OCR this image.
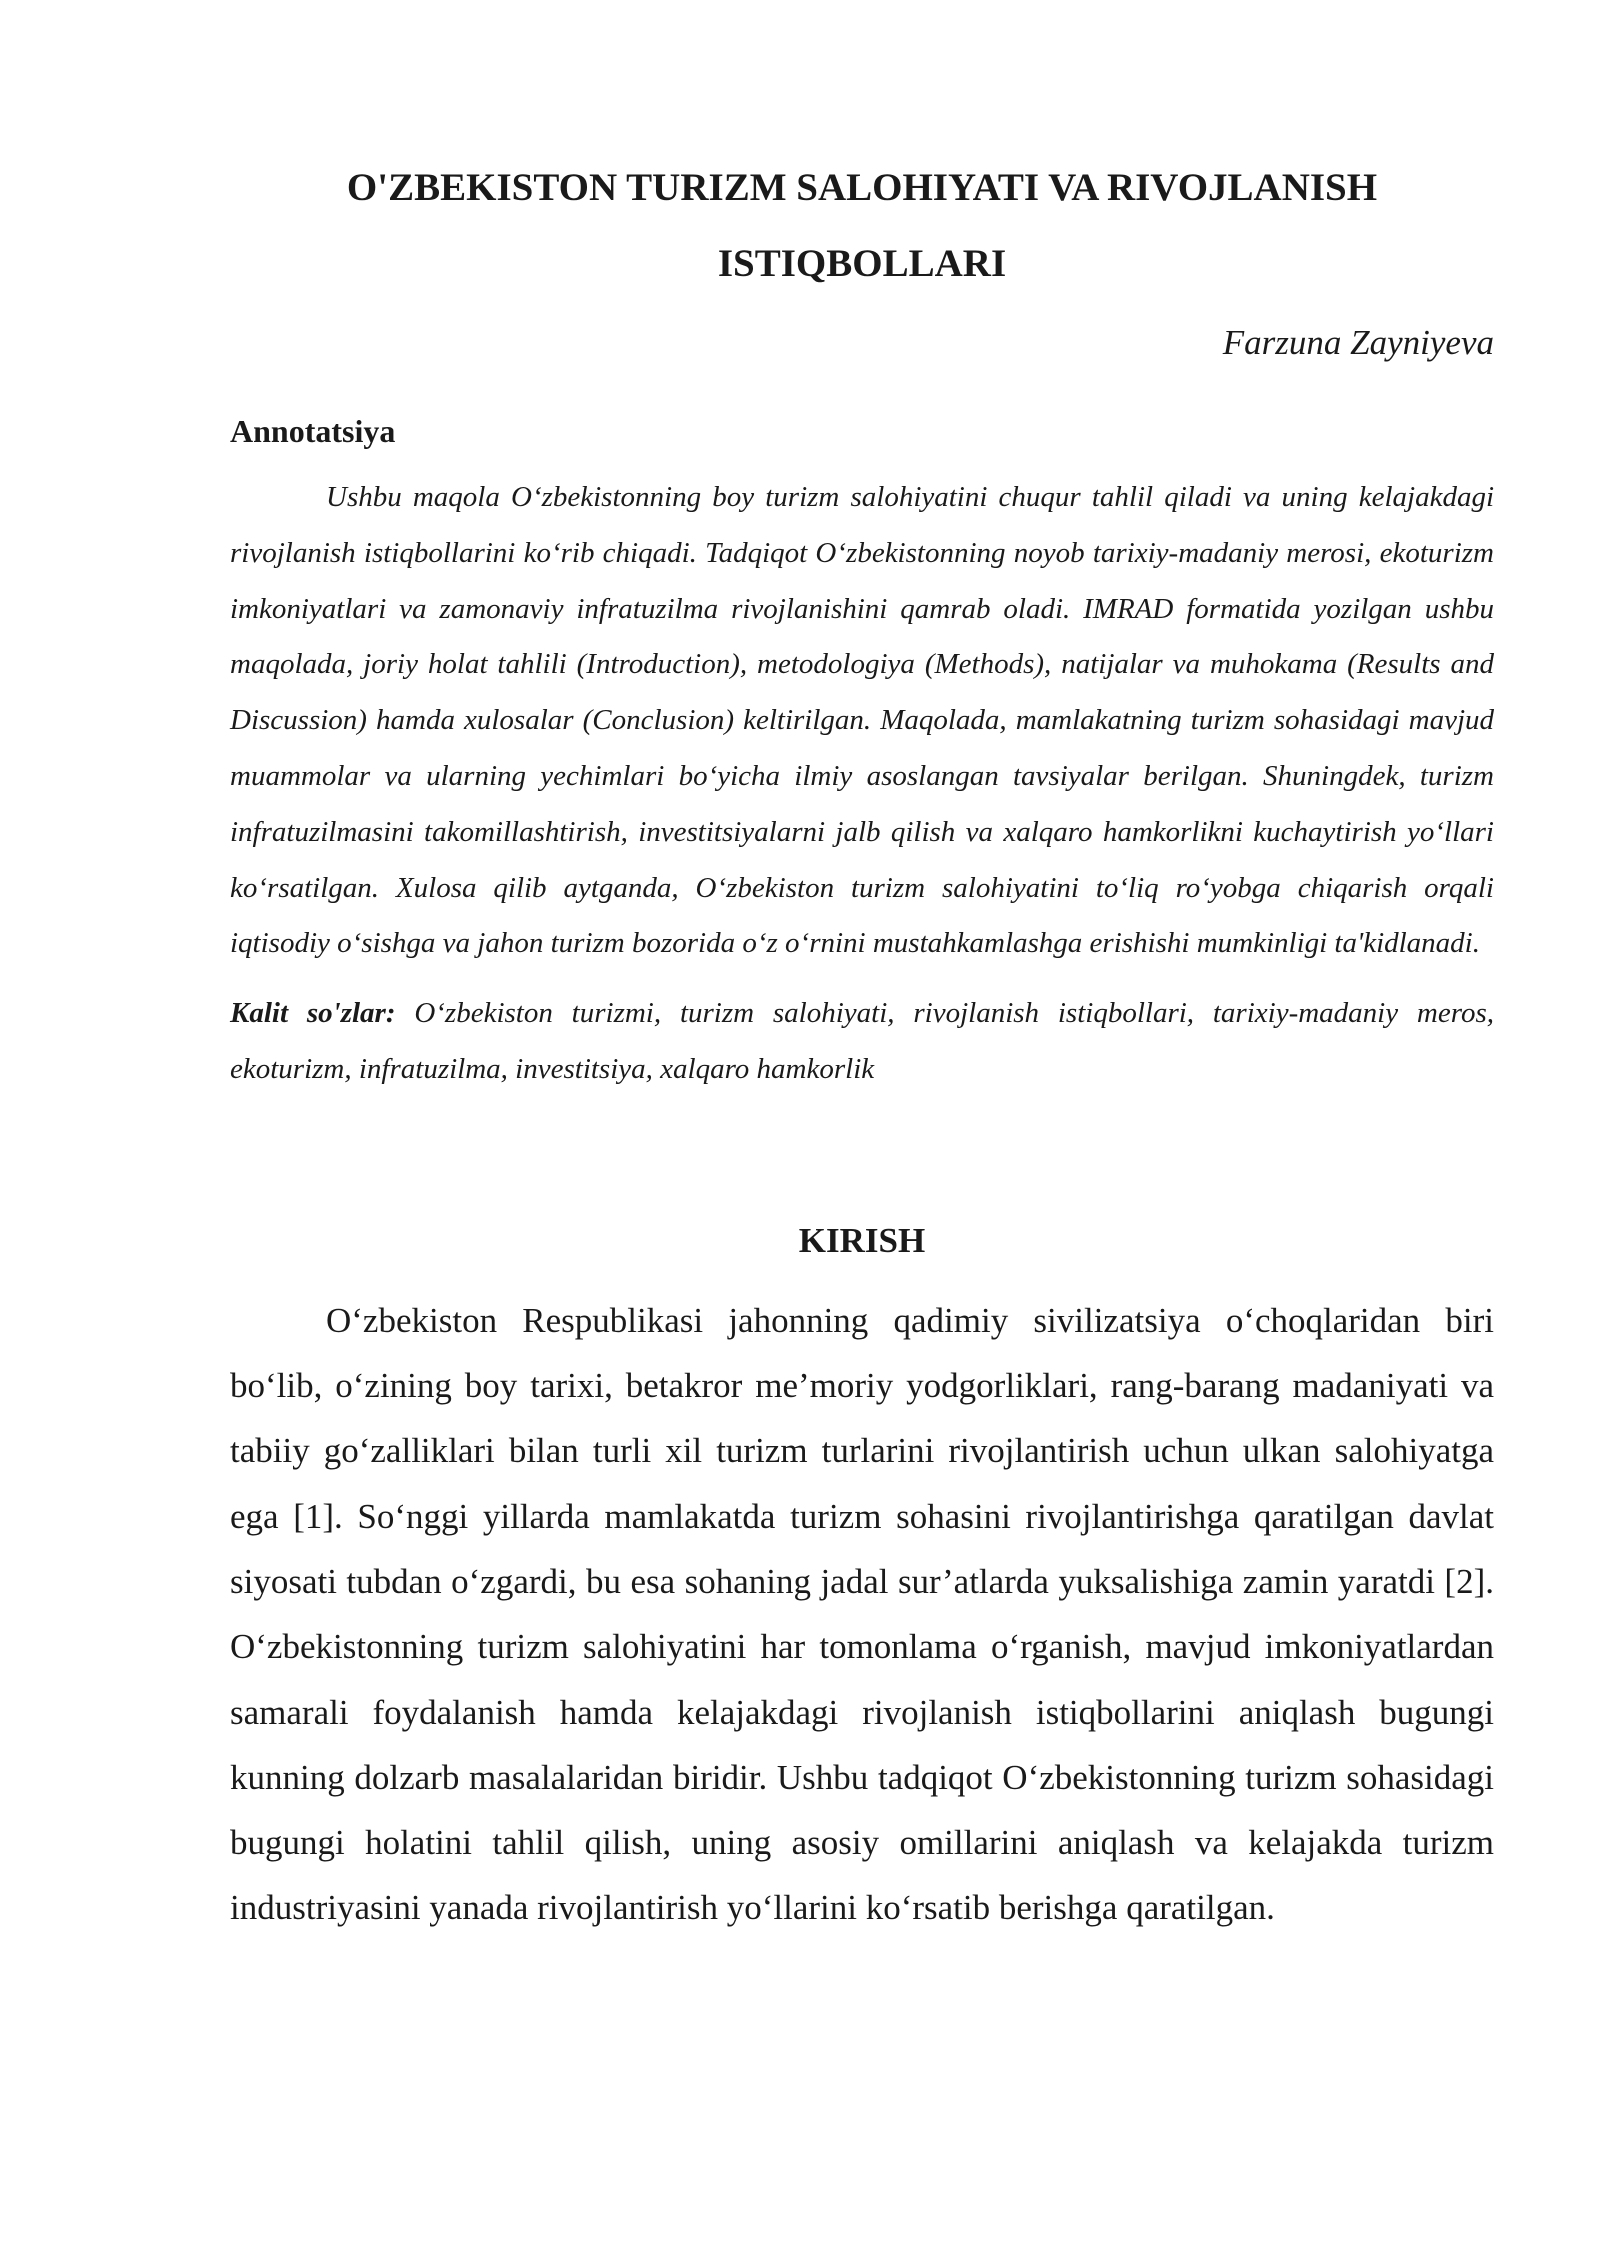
O'ZBEKISTON TURIZM SALOHIYATI VA RIVOJLANISH ISTIQBOLLARI
Farzuna Zayniyeva
Annotatsiya
Ushbu maqola O‘zbekistonning boy turizm salohiyatini chuqur tahlil qiladi va uning kelajakdagi rivojlanish istiqbollarini ko‘rib chiqadi. Tadqiqot O‘zbekistonning noyob tarixiy-madaniy merosi, ekoturizm imkoniyatlari va zamonaviy infratuzilma rivojlanishini qamrab oladi. IMRAD formatida yozilgan ushbu maqolada, joriy holat tahlili (Introduction), metodologiya (Methods), natijalar va muhokama (Results and Discussion) hamda xulosalar (Conclusion) keltirilgan. Maqolada, mamlakatning turizm sohasidagi mavjud muammolar va ularning yechimlari bo‘yicha ilmiy asoslangan tavsiyalar berilgan. Shuningdek, turizm infratuzilmasini takomillashtirish, investitsiyalarni jalb qilish va xalqaro hamkorlikni kuchaytirish yo‘llari ko‘rsatilgan. Xulosa qilib aytganda, O‘zbekiston turizm salohiyatini to‘liq ro‘yobga chiqarish orqali iqtisodiy o‘sishga va jahon turizm bozorida o‘z o‘rnini mustahkamlashga erishishi mumkinligi ta'kidlanadi.
Kalit so'zlar: O‘zbekiston turizmi, turizm salohiyati, rivojlanish istiqbollari, tarixiy-madaniy meros, ekoturizm, infratuzilma, investitsiya, xalqaro hamkorlik
KIRISH
O‘zbekiston Respublikasi jahonning qadimiy sivilizatsiya o‘choqlaridan biri bo‘lib, o‘zining boy tarixi, betakror me’moriy yodgorliklari, rang-barang madaniyati va tabiiy go‘zalliklari bilan turli xil turizm turlarini rivojlantirish uchun ulkan salohiyatga ega [1]. So‘nggi yillarda mamlakatda turizm sohasini rivojlantirishga qaratilgan davlat siyosati tubdan o‘zgardi, bu esa sohaning jadal sur’atlarda yuksalishiga zamin yaratdi [2]. O‘zbekistonning turizm salohiyatini har tomonlama o‘rganish, mavjud imkoniyatlardan samarali foydalanish hamda kelajakdagi rivojlanish istiqbollarini aniqlash bugungi kunning dolzarb masalalaridan biridir. Ushbu tadqiqot O‘zbekistonning turizm sohasidagi bugungi holatini tahlil qilish, uning asosiy omillarini aniqlash va kelajakda turizm industriyasini yanada rivojlantirish yo‘llarini ko‘rsatib berishga qaratilgan.
